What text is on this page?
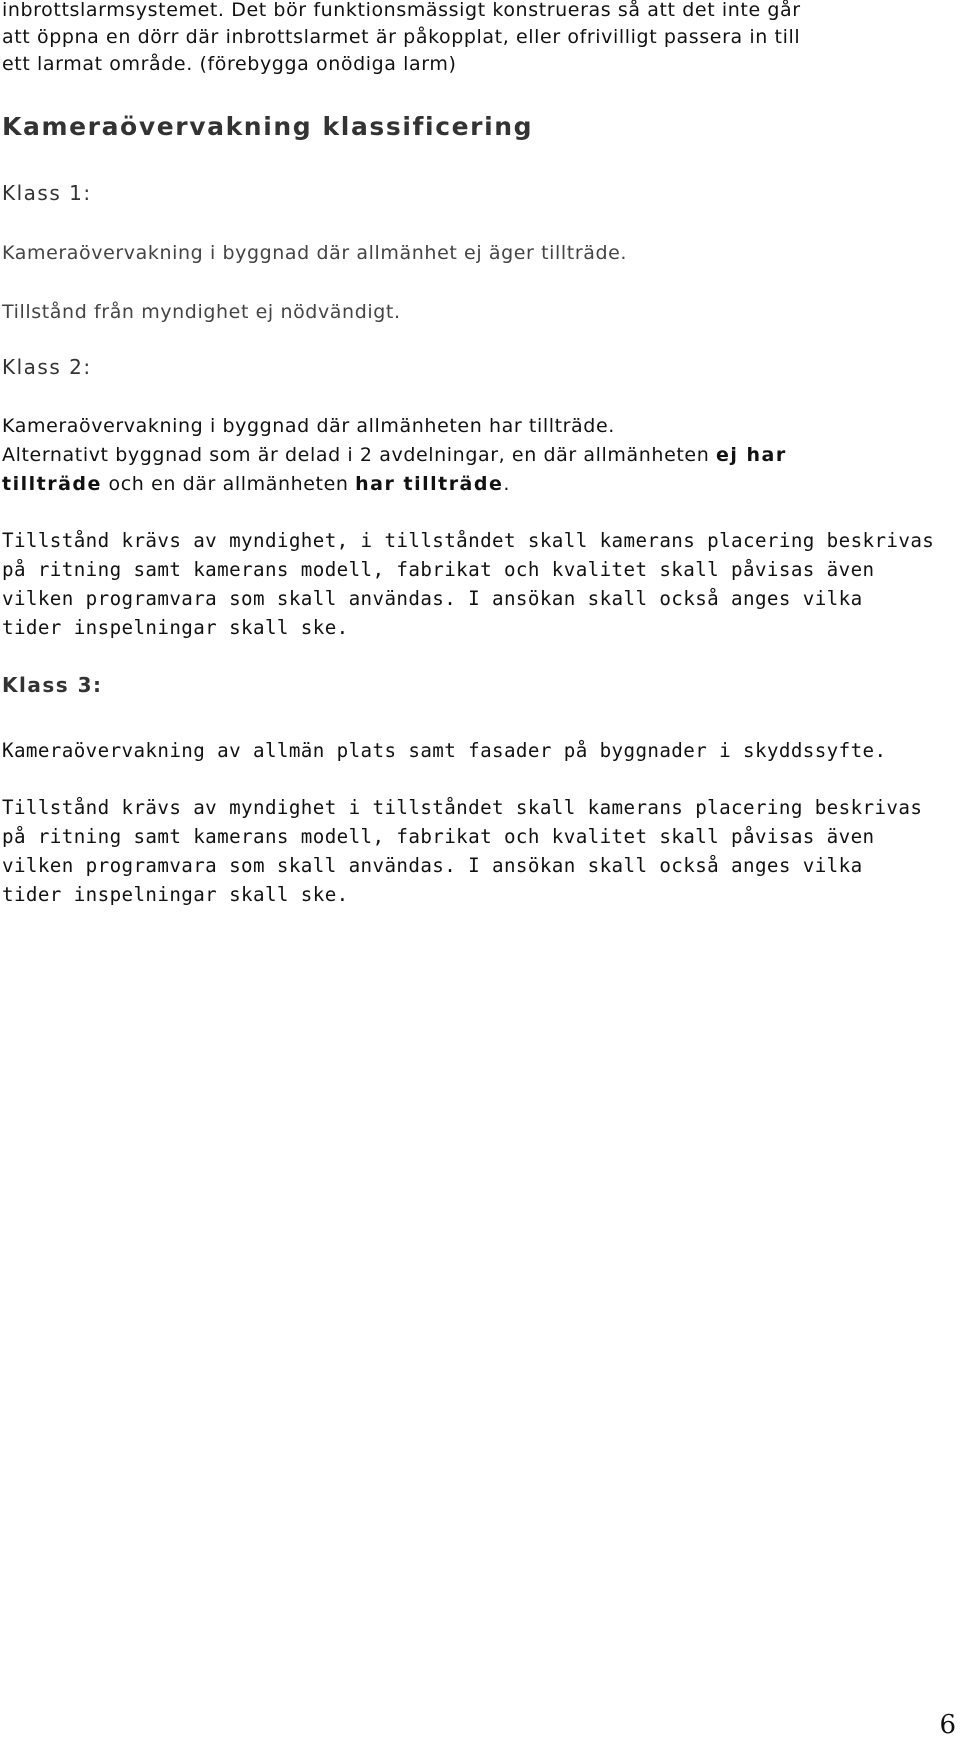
inbrottslarmsystemet. Det bör funktionsmässigt konstrueras så att det inte går
att öppna en dörr där inbrottslarmet är påkopplat, eller ofrivilligt passera in till
ett larmat område. (förebygga onödiga larm)
Kameraövervakning klassificering
Klass 1:
Kameraövervakning i byggnad där allmänhet ej äger tillträde.
Tillstånd från myndighet ej nödvändigt.
Klass 2:
Kameraövervakning i byggnad där allmänheten har tillträde.
Alternativt byggnad som är delad i 2 avdelningar, en där allmänheten ej har
tillträde och en där allmänheten har tillträde.
Tillstånd krävs av myndighet, i tillståndet skall kamerans placering beskrivas
på ritning samt kamerans modell, fabrikat och kvalitet skall påvisas även
vilken programvara som skall användas. I ansökan skall också anges vilka
tider inspelningar skall ske.
Klass 3:
Kameraövervakning av allmän plats samt fasader på byggnader i skyddssyfte.
Tillstånd krävs av myndighet i tillståndet skall kamerans placering beskrivas
på ritning samt kamerans modell, fabrikat och kvalitet skall påvisas även
vilken programvara som skall användas. I ansökan skall också anges vilka
tider inspelningar skall ske.
6
